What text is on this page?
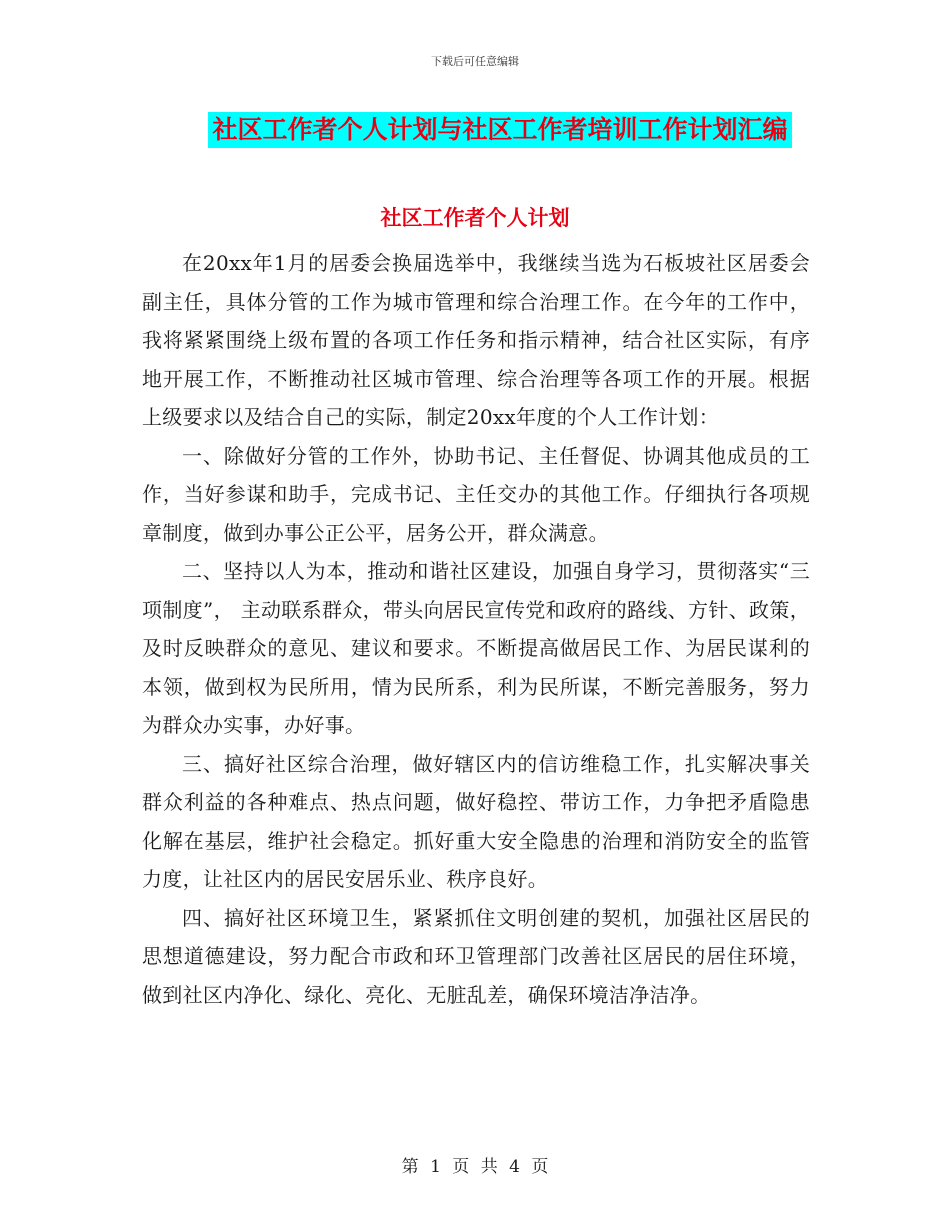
下载后可任意编辑
社区工作者个人计划与社区工作者培训工作计划汇编
社区工作者个人计划

在20xx年1月的居委会换届选举中，我继续当选为石板坡社区居委会副主任，具体分管的工作为城市管理和综合治理工作。在今年的工作中，我将紧紧围绕上级布置的各项工作任务和指示精神，结合社区实际，有序地开展工作，不断推动社区城市管理、综合治理等各项工作的开展。根据上级要求以及结合自己的实际，制定20xx年度的个人工作计划：

一、除做好分管的工作外，协助书记、主任督促、协调其他成员的工作，当好参谋和助手，完成书记、主任交办的其他工作。仔细执行各项规章制度，做到办事公正公平，居务公开，群众满意。

二、坚持以人为本，推动和谐社区建设，加强自身学习，贯彻落实“三项制度”， 主动联系群众，带头向居民宣传党和政府的路线、方针、政策，及时反映群众的意见、建议和要求。不断提高做居民工作、为居民谋利的本领，做到权为民所用，情为民所系，利为民所谋，不断完善服务，努力为群众办实事，办好事。

三、搞好社区综合治理，做好辖区内的信访维稳工作，扎实解决事关群众利益的各种难点、热点问题，做好稳控、带访工作，力争把矛盾隐患化解在基层，维护社会稳定。抓好重大安全隐患的治理和消防安全的监管力度，让社区内的居民安居乐业、秩序良好。

四、搞好社区环境卫生，紧紧抓住文明创建的契机，加强社区居民的思想道德建设，努力配合市政和环卫管理部门改善社区居民的居住环境，做到社区内净化、绿化、亮化、无脏乱差，确保环境洁净洁净。

第 1 页 共 4 页
